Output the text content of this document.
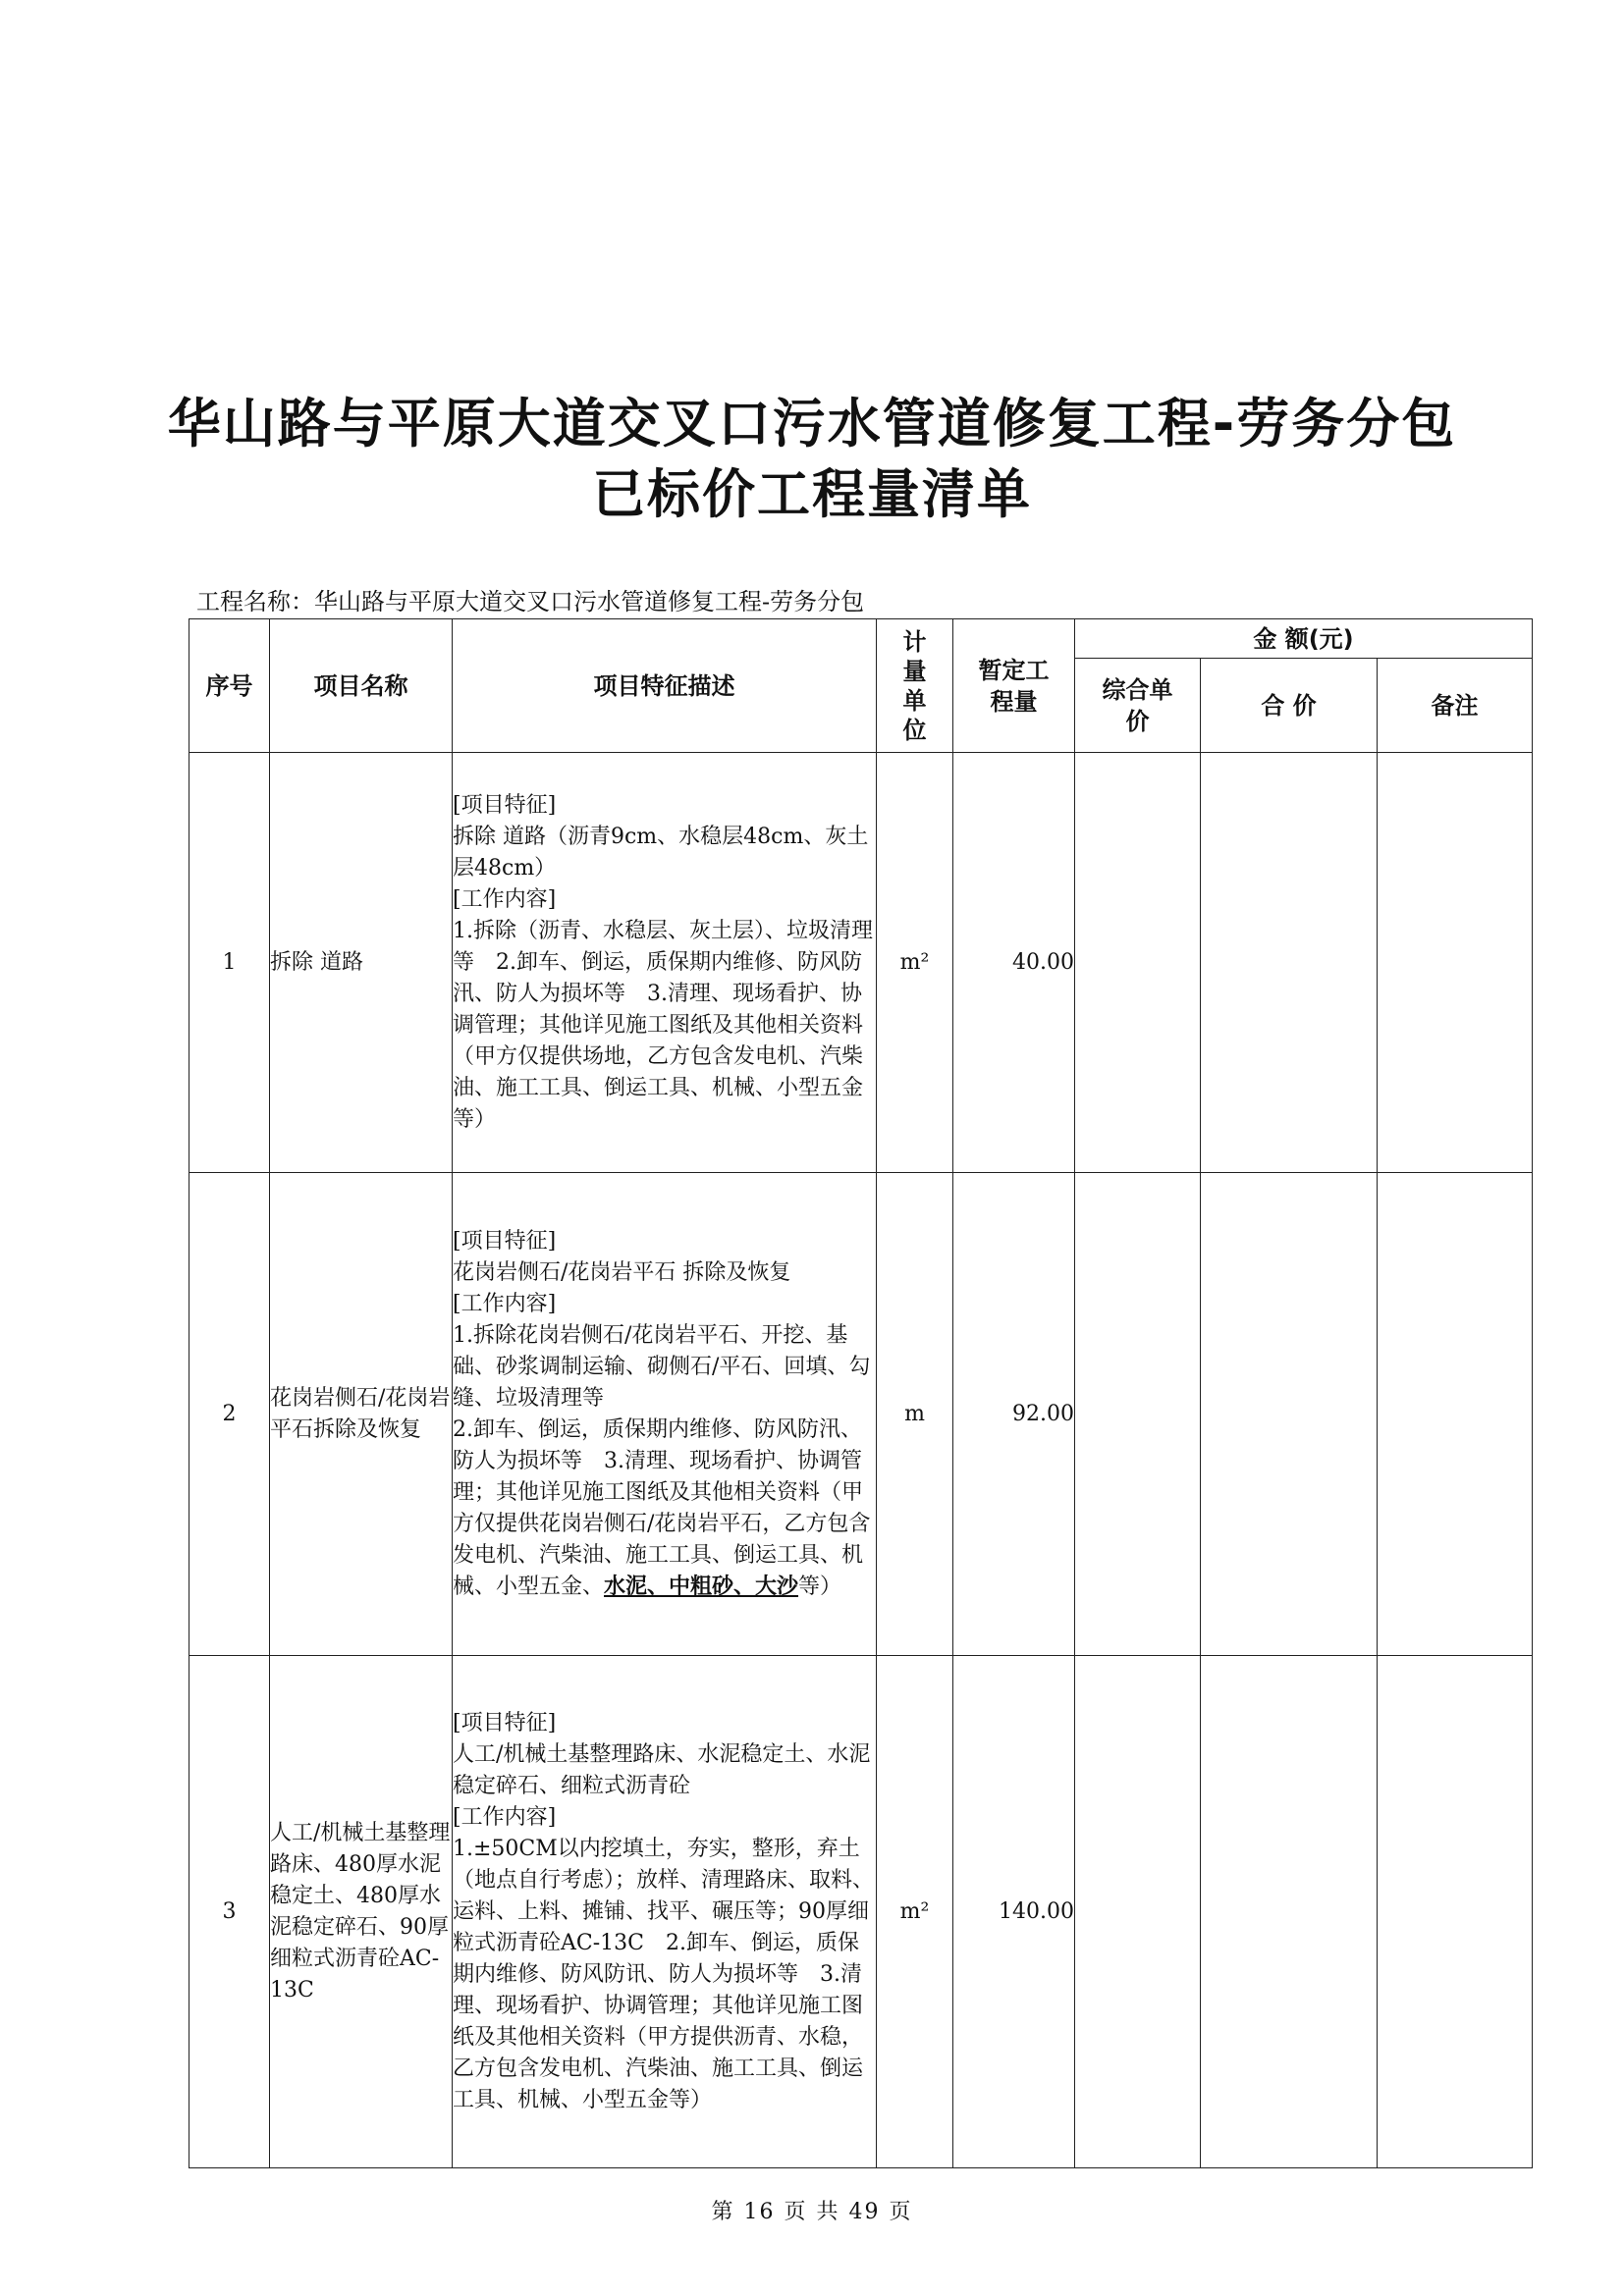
华山路与平原大道交叉口污水管道修复工程-劳务分包
已标价工程量清单
工程名称：华山路与平原大道交叉口污水管道修复工程-劳务分包
序号	项目名称	项目特征描述	计量单位	暂定工程量	金 额(元)		
					综合单价	合 价	备注
1	拆除 道路	[项目特征]
拆除 道路（沥青9cm、水稳层48cm、灰土层48cm）
[工作内容]
1.拆除（沥青、水稳层、灰土层）、垃圾清理等　2.卸车、倒运，质保期内维修、防风防汛、防人为损坏等　3.清理、现场看护、协调管理；其他详见施工图纸及其他相关资料（甲方仅提供场地，乙方包含发电机、汽柴油、施工工具、倒运工具、机械、小型五金等）	m²	40.00			
2	花岗岩侧石/花岗岩平石拆除及恢复	[项目特征]
花岗岩侧石/花岗岩平石 拆除及恢复
[工作内容]
1.拆除花岗岩侧石/花岗岩平石、开挖、基础、砂浆调制运输、砌侧石/平石、回填、勾缝、垃圾清理等
2.卸车、倒运，质保期内维修、防风防汛、防人为损坏等　3.清理、现场看护、协调管理；其他详见施工图纸及其他相关资料（甲方仅提供花岗岩侧石/花岗岩平石，乙方包含发电机、汽柴油、施工工具、倒运工具、机械、小型五金、水泥、中粗砂、大沙等）	m	92.00			
3	人工/机械土基整理路床、480厚水泥稳定土、480厚水泥稳定碎石、90厚细粒式沥青砼AC-13C	[项目特征]
人工/机械土基整理路床、水泥稳定土、水泥稳定碎石、细粒式沥青砼
[工作内容]
1.±50CM以内挖填土，夯实，整形，弃土（地点自行考虑）；放样、清理路床、取料、运料、上料、摊铺、找平、碾压等；90厚细粒式沥青砼AC-13C　2.卸车、倒运，质保期内维修、防风防讯、防人为损坏等　3.清理、现场看护、协调管理；其他详见施工图纸及其他相关资料（甲方提供沥青、水稳，乙方包含发电机、汽柴油、施工工具、倒运工具、机械、小型五金等）	m²	140.00			
第 16 页 共 49 页
